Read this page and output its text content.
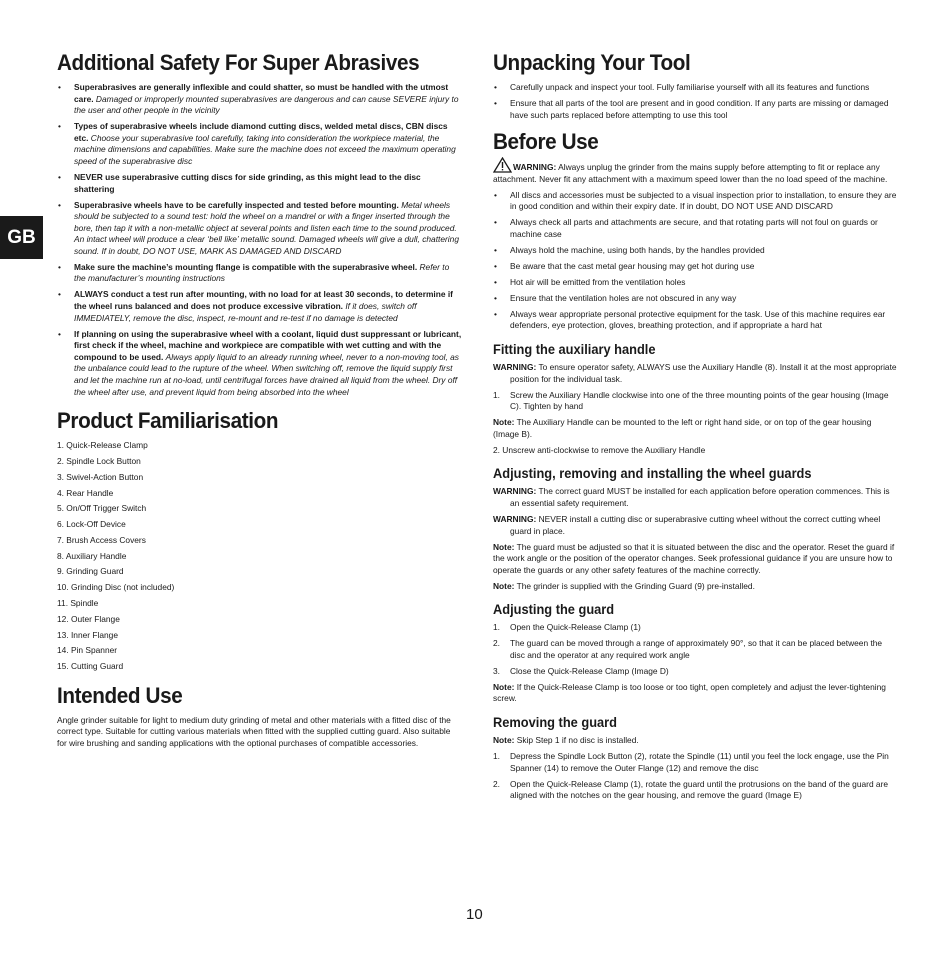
GB
Additional Safety For Super Abrasives
• Superabrasives are generally inflexible and could shatter, so must be handled with the utmost care. Damaged or improperly mounted superabrasives are dangerous and can cause SEVERE injury to the user and other people in the vicinity
• Types of superabrasive wheels include diamond cutting discs, welded metal discs, CBN discs etc. Choose your superabrasive tool carefully, taking into consideration the workpiece material, the machine dimensions and capabilities. Make sure the machine does not exceed the maximum operating speed of the superabrasive disc
• NEVER use superabrasive cutting discs for side grinding, as this might lead to the disc shattering
• Superabrasive wheels have to be carefully inspected and tested before mounting. Metal wheels should be subjected to a sound test: hold the wheel on a mandrel or with a finger inserted through the bore, then tap it with a non-metallic object at several points and listen each time to the sound produced. An intact wheel will produce a clear ‘bell like’ metallic sound. Damaged wheels will give a dull, chattering sound. If in doubt, DO NOT USE, MARK AS DAMAGED AND DISCARD
• Make sure the machine’s mounting flange is compatible with the superabrasive wheel. Refer to the manufacturer’s mounting instructions
• ALWAYS conduct a test run after mounting, with no load for at least 30 seconds, to determine if the wheel runs balanced and does not produce excessive vibration. If it does, switch off IMMEDIATELY, remove the disc, inspect, re-mount and re-test if no damage is detected
• If planning on using the superabrasive wheel with a coolant, liquid dust suppressant or lubricant, first check if the wheel, machine and workpiece are compatible with wet cutting and with the compound to be used. Always apply liquid to an already running wheel, never to a non-moving tool, as the unbalance could lead to the rupture of the wheel. When switching off, remove the liquid supply first and let the machine run at no-load, until centrifugal forces have drained all liquid from the wheel. Dry off the wheel after use, and prevent liquid from being absorbed into the wheel
Product Familiarisation
1. Quick-Release Clamp
2. Spindle Lock Button
3. Swivel-Action Button
4. Rear Handle
5. On/Off Trigger Switch
6. Lock-Off Device
7. Brush Access Covers
8. Auxiliary Handle
9. Grinding Guard
10. Grinding Disc (not included)
11. Spindle
12. Outer Flange
13. Inner Flange
14. Pin Spanner
15. Cutting Guard
Intended Use

Angle grinder suitable for light to medium duty grinding of metal and other materials with a fitted disc of the correct type. Suitable for cutting various materials when fitted with the supplied cutting guard. Also suitable for wire brushing and sanding applications with the optional purchases of compatible accessories.

Unpacking Your Tool
• Carefully unpack and inspect your tool. Fully familiarise yourself with all its features and functions
• Ensure that all parts of the tool are present and in good condition. If any parts are missing or damaged have such parts replaced before attempting to use this tool
Before Use

WARNING: Always unplug the grinder from the mains supply before attempting to fit or replace any attachment. Never fit any attachment with a maximum speed lower than the no load speed of the machine.

• All discs and accessories must be subjected to a visual inspection prior to installation, to ensure they are in good condition and within their expiry date. If in doubt, DO NOT USE AND DISCARD
• Always check all parts and attachments are secure, and that rotating parts will not foul on guards or machine case
• Always hold the machine, using both hands, by the handles provided
• Be aware that the cast metal gear housing may get hot during use
• Hot air will be emitted from the ventilation holes
• Ensure that the ventilation holes are not obscured in any way
• Always wear appropriate personal protective equipment for the task. Use of this machine requires ear defenders, eye protection, gloves, breathing protection, and if appropriate a hard hat
Fitting the auxiliary handle

WARNING: To ensure operator safety, ALWAYS use the Auxiliary Handle (8). Install it at the most appropriate position for the individual task.

1. Screw the Auxiliary Handle clockwise into one of the three mounting points of the gear housing (Image C). Tighten by hand

Note: The Auxiliary Handle can be mounted to the left or right hand side, or on top of the gear housing (Image B).

2. Unscrew anti-clockwise to remove the Auxiliary Handle

Adjusting, removing and installing the wheel guards

WARNING: The correct guard MUST be installed for each application before operation commences. This is an essential safety requirement.

WARNING: NEVER install a cutting disc or superabrasive cutting wheel without the correct cutting wheel guard in place.

Note: The guard must be adjusted so that it is situated between the disc and the operator. Reset the guard if the work angle or the position of the operator changes. Seek professional guidance if you are unsure how to operate the guards or any other safety features of the machine correctly.

Note: The grinder is supplied with the Grinding Guard (9) pre-installed.

Adjusting the guard
1. Open the Quick-Release Clamp (1)
2. The guard can be moved through a range of approximately 90°, so that it can be placed between the disc and the operator at any required work angle
3. Close the Quick-Release Clamp (Image D)

Note: If the Quick-Release Clamp is too loose or too tight, open completely and adjust the lever-tightening screw.

Removing the guard

Note: Skip Step 1 if no disc is installed.

1. Depress the Spindle Lock Button (2), rotate the Spindle (11) until you feel the lock engage, use the Pin Spanner (14) to remove the Outer Flange (12) and remove the disc
2. Open the Quick-Release Clamp (1), rotate the guard until the protrusions on the band of the guard are aligned with the notches on the gear housing, and remove the guard (Image E)
10
